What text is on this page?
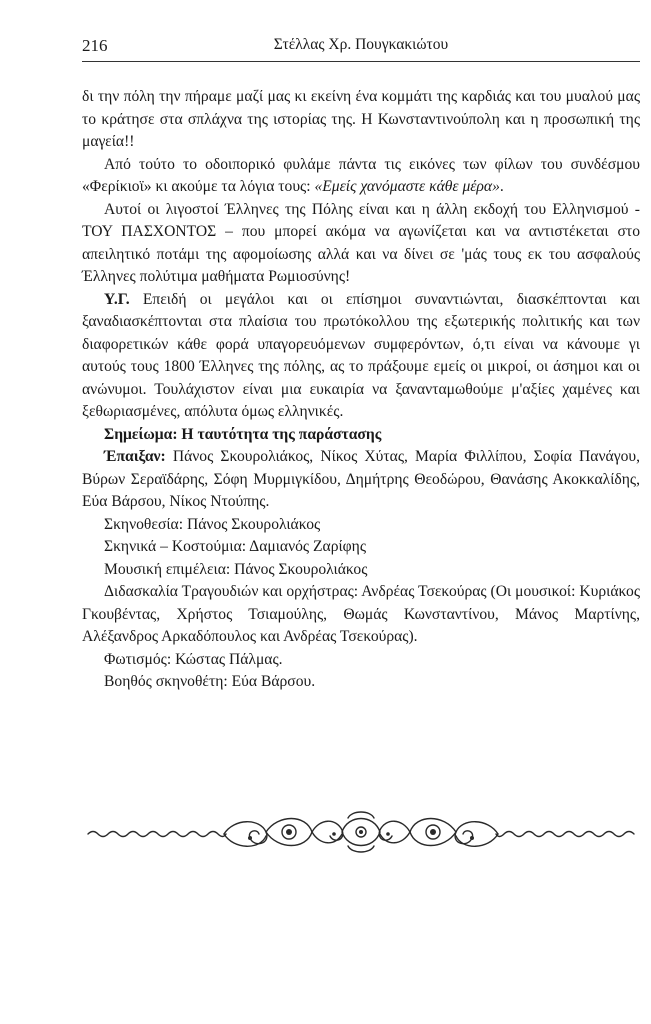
216	Στέλλας Χρ. Πουγκακιώτου

δι την πόλη την πήραμε μαζί μας κι εκείνη ένα κομμάτι της καρδιάς και του μυαλού μας το κράτησε στα σπλάχνα της ιστορίας της. Η Κωνσταντινούπολη και η προσωπική της μαγεία!!

Από τούτο το οδοιπορικό φυλάμε πάντα τις εικόνες των φίλων του συνδέσμου «Φερίκιοϊ» κι ακούμε τα λόγια τους: «Εμείς χανόμαστε κάθε μέρα».

Αυτοί οι λιγοστοί Έλληνες της Πόλης είναι και η άλλη εκδοχή του Ελληνισμού - ΤΟΥ ΠΑΣΧΟΝΤΟΣ – που μπορεί ακόμα να αγωνίζεται και να αντιστέκεται στο απειλητικό ποτάμι της αφομοίωσης αλλά και να δίνει σε 'μάς τους εκ του ασφαλούς Έλληνες πολύτιμα μαθήματα Ρωμιοσύνης!

Υ.Γ. Επειδή οι μεγάλοι και οι επίσημοι συναντιώνται, διασκέπτονται και ξαναδιασκέπτονται στα πλαίσια του πρωτόκολλου της εξωτερικής πολιτικής και των διαφορετικών κάθε φορά υπαγορευόμενων συμφερόντων, ό,τι είναι να κάνουμε γι αυτούς τους 1800 Έλληνες της πόλης, ας το πράξουμε εμείς οι μικροί, οι άσημοι και οι ανώνυμοι. Τουλάχιστον είναι μια ευκαιρία να ξανανταμωθούμε μ'αξίες χαμένες και ξεθωριασμένες, απόλυτα όμως ελληνικές.

Σημείωμα: Η ταυτότητα της παράστασης

Έπαιξαν: Πάνος Σκουρολιάκος, Νίκος Χύτας, Μαρία Φιλλίπου, Σοφία Πανάγου, Βύρων Σεραϊδάρης, Σόφη Μυρμιγκίδου, Δημήτρης Θεοδώρου, Θανάσης Ακοκκαλίδης, Εύα Βάρσου, Νίκος Ντούπης.

Σκηνοθεσία: Πάνος Σκουρολιάκος

Σκηνικά – Κοστούμια: Δαμιανός Ζαρίφης

Μουσική επιμέλεια: Πάνος Σκουρολιάκος

Διδασκαλία Τραγουδιών και ορχήστρας: Ανδρέας Τσεκούρας (Οι μουσικοί: Κυριάκος Γκουβέντας, Χρήστος Τσιαμούλης, Θωμάς Κωνσταντίνου, Μάνος Μαρτίνης, Αλέξανδρος Αρκαδόπουλος και Ανδρέας Τσεκούρας).

Φωτισμός: Κώστας Πάλμας.

Βοηθός σκηνοθέτη: Εύα Βάρσου.
